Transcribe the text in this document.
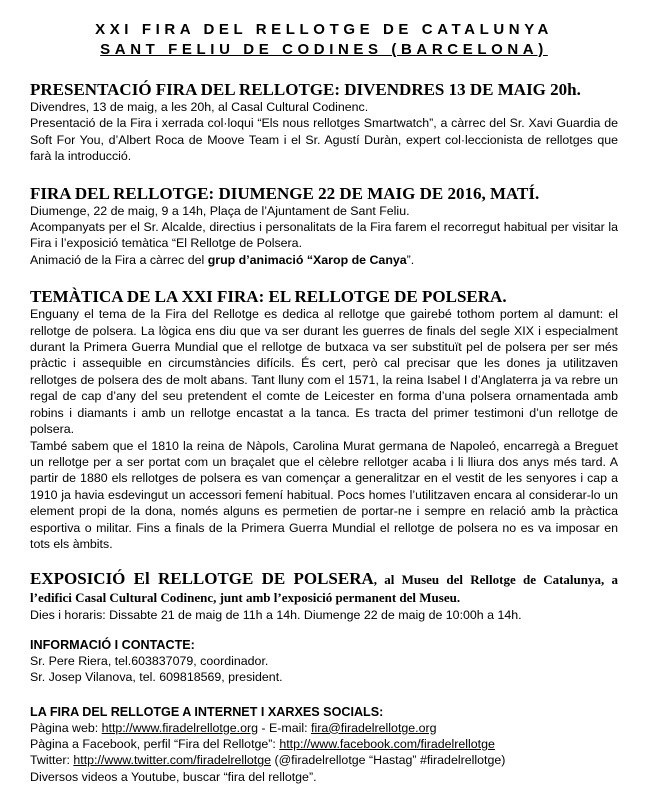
XXI FIRA DEL RELLOTGE DE CATALUNYA
SANT FELIU DE CODINES (BARCELONA)
PRESENTACIÓ FIRA DEL RELLOTGE: DIVENDRES 13 DE MAIG 20h.

Divendres, 13 de maig, a les 20h, al Casal Cultural Codinenc.

Presentació de la Fira i xerrada col·loqui “Els nous rellotges Smartwatch”, a càrrec del Sr. Xavi Guardia de Soft For You, d’Albert Roca de Moove Team i el Sr. Agustí Duràn, expert col·leccionista de rellotges que farà la introducció.

FIRA DEL RELLOTGE: DIUMENGE 22 DE MAIG DE 2016, MATÍ.

Diumenge, 22 de maig, 9 a 14h, Plaça de l’Ajuntament de Sant Feliu.

Acompanyats per el Sr. Alcalde, directius i personalitats de la Fira farem el recorregut habitual per visitar la Fira i l’exposició temàtica “El Rellotge de Polsera.

Animació de la Fira a càrrec del grup d’animació “Xarop de Canya”.

TEMÀTICA DE LA XXI FIRA: EL RELLOTGE DE POLSERA.

Enguany el tema de la Fira del Rellotge es dedica al rellotge que gairebé tothom portem al damunt: el rellotge de polsera. La lògica ens diu que va ser durant les guerres de finals del segle XIX i especialment durant la Primera Guerra Mundial que el rellotge de butxaca va ser substituït pel de polsera per ser més pràctic i assequible en circumstàncies difícils. És cert, però cal precisar que les dones ja utilitzaven rellotges de polsera des de molt abans. Tant lluny com el 1571, la reina Isabel I d’Anglaterra ja va rebre un regal de cap d’any del seu pretendent el comte de Leicester en forma d’una polsera ornamentada amb robins i diamants i amb un rellotge encastat a la tanca. Es tracta del primer testimoni d’un rellotge de polsera.

També sabem que el 1810 la reina de Nàpols, Carolina Murat germana de Napoleó, encarregà a Breguet un rellotge per a ser portat com un braçalet que el cèlebre rellotger acaba i li lliura dos anys més tard. A partir de 1880 els rellotges de polsera es van començar a generalitzar en el vestit de les senyores i cap a 1910 ja havia esdevingut un accessori femení habitual. Pocs homes l’utilitzaven encara al considerar-lo un element propi de la dona, només alguns es permetien de portar-ne i sempre en relació amb la pràctica esportiva o militar. Fins a finals de la Primera Guerra Mundial el rellotge de polsera no es va imposar en tots els àmbits.

EXPOSICIÓ El RELLOTGE DE POLSERA, al Museu del Rellotge de Catalunya, a l’edifici Casal Cultural Codinenc, junt amb l’exposició permanent del Museu.

Dies i horaris: Dissabte 21 de maig de 11h a 14h. Diumenge 22 de maig de 10:00h a 14h.

INFORMACIÓ I CONTACTE:

Sr. Pere Riera, tel.603837079, coordinador.

Sr. Josep Vilanova, tel. 609818569, president.

LA FIRA DEL RELLOTGE A INTERNET I XARXES SOCIALS:

Pàgina web: http://www.firadelrellotge.org - E-mail: fira@firadelrellotge.org

Pàgina a Facebook, perfil “Fira del Rellotge”: http://www.facebook.com/firadelrellotge

Twitter: http://www.twitter.com/firadelrellotge (@firadelrellotge “Hastag” #firadelrellotge)

Diversos videos a Youtube, buscar “fira del rellotge”.
